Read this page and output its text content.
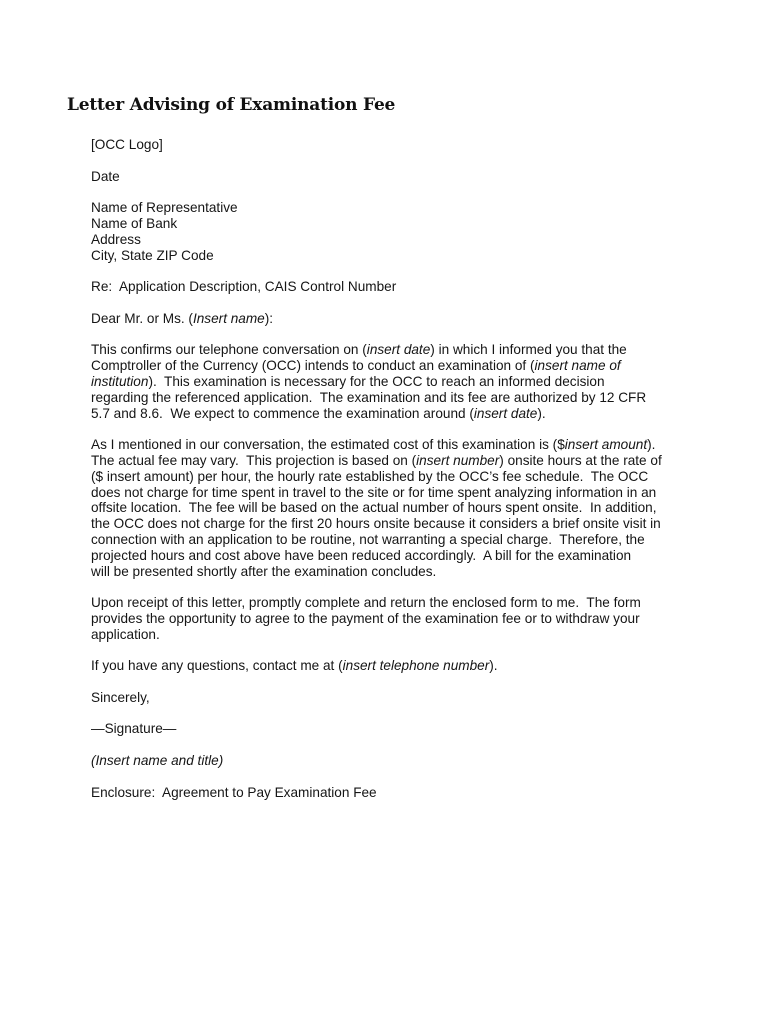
Letter Advising of Examination Fee

[OCC Logo]

Date

Name of Representative
Name of Bank
Address
City, State ZIP Code

Re:  Application Description, CAIS Control Number

Dear Mr. or Ms. (Insert name):

This confirms our telephone conversation on (insert date) in which I informed you that the
Comptroller of the Currency (OCC) intends to conduct an examination of (insert name of
institution).  This examination is necessary for the OCC to reach an informed decision
regarding the referenced application.  The examination and its fee are authorized by 12 CFR
5.7 and 8.6.  We expect to commence the examination around (insert date).

As I mentioned in our conversation, the estimated cost of this examination is ($insert amount).
The actual fee may vary.  This projection is based on (insert number) onsite hours at the rate of
($ insert amount) per hour, the hourly rate established by the OCC’s fee schedule.  The OCC
does not charge for time spent in travel to the site or for time spent analyzing information in an
offsite location.  The fee will be based on the actual number of hours spent onsite.  In addition,
the OCC does not charge for the first 20 hours onsite because it considers a brief onsite visit in
connection with an application to be routine, not warranting a special charge.  Therefore, the
projected hours and cost above have been reduced accordingly.  A bill for the examination
will be presented shortly after the examination concludes.

Upon receipt of this letter, promptly complete and return the enclosed form to me.  The form
provides the opportunity to agree to the payment of the examination fee or to withdraw your
application.

If you have any questions, contact me at (insert telephone number).

Sincerely,

—Signature—

(Insert name and title)

Enclosure:  Agreement to Pay Examination Fee
